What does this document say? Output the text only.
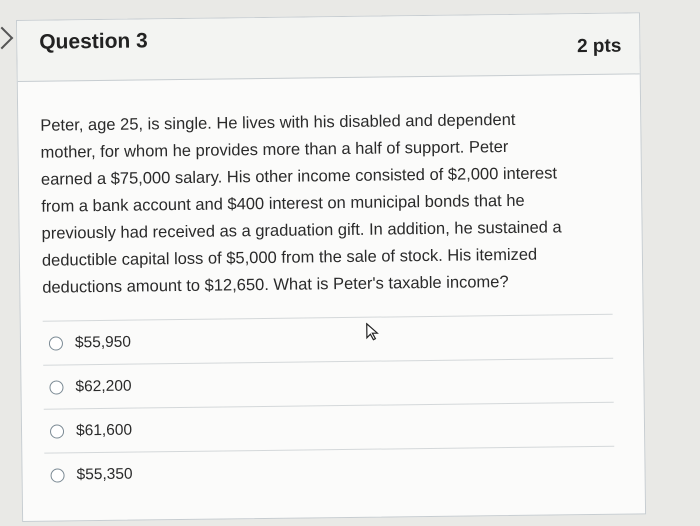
Question 3	2 pts
Peter, age 25, is single. He lives with his disabled and dependent
mother, for whom he provides more than a half of support. Peter
earned a $75,000 salary. His other income consisted of $2,000 interest
from a bank account and $400 interest on municipal bonds that he
previously had received as a graduation gift. In addition, he sustained a
deductible capital loss of $5,000 from the sale of stock. His itemized
deductions amount to $12,650. What is Peter's taxable income?
$55,950
$62,200
$61,600
$55,350
